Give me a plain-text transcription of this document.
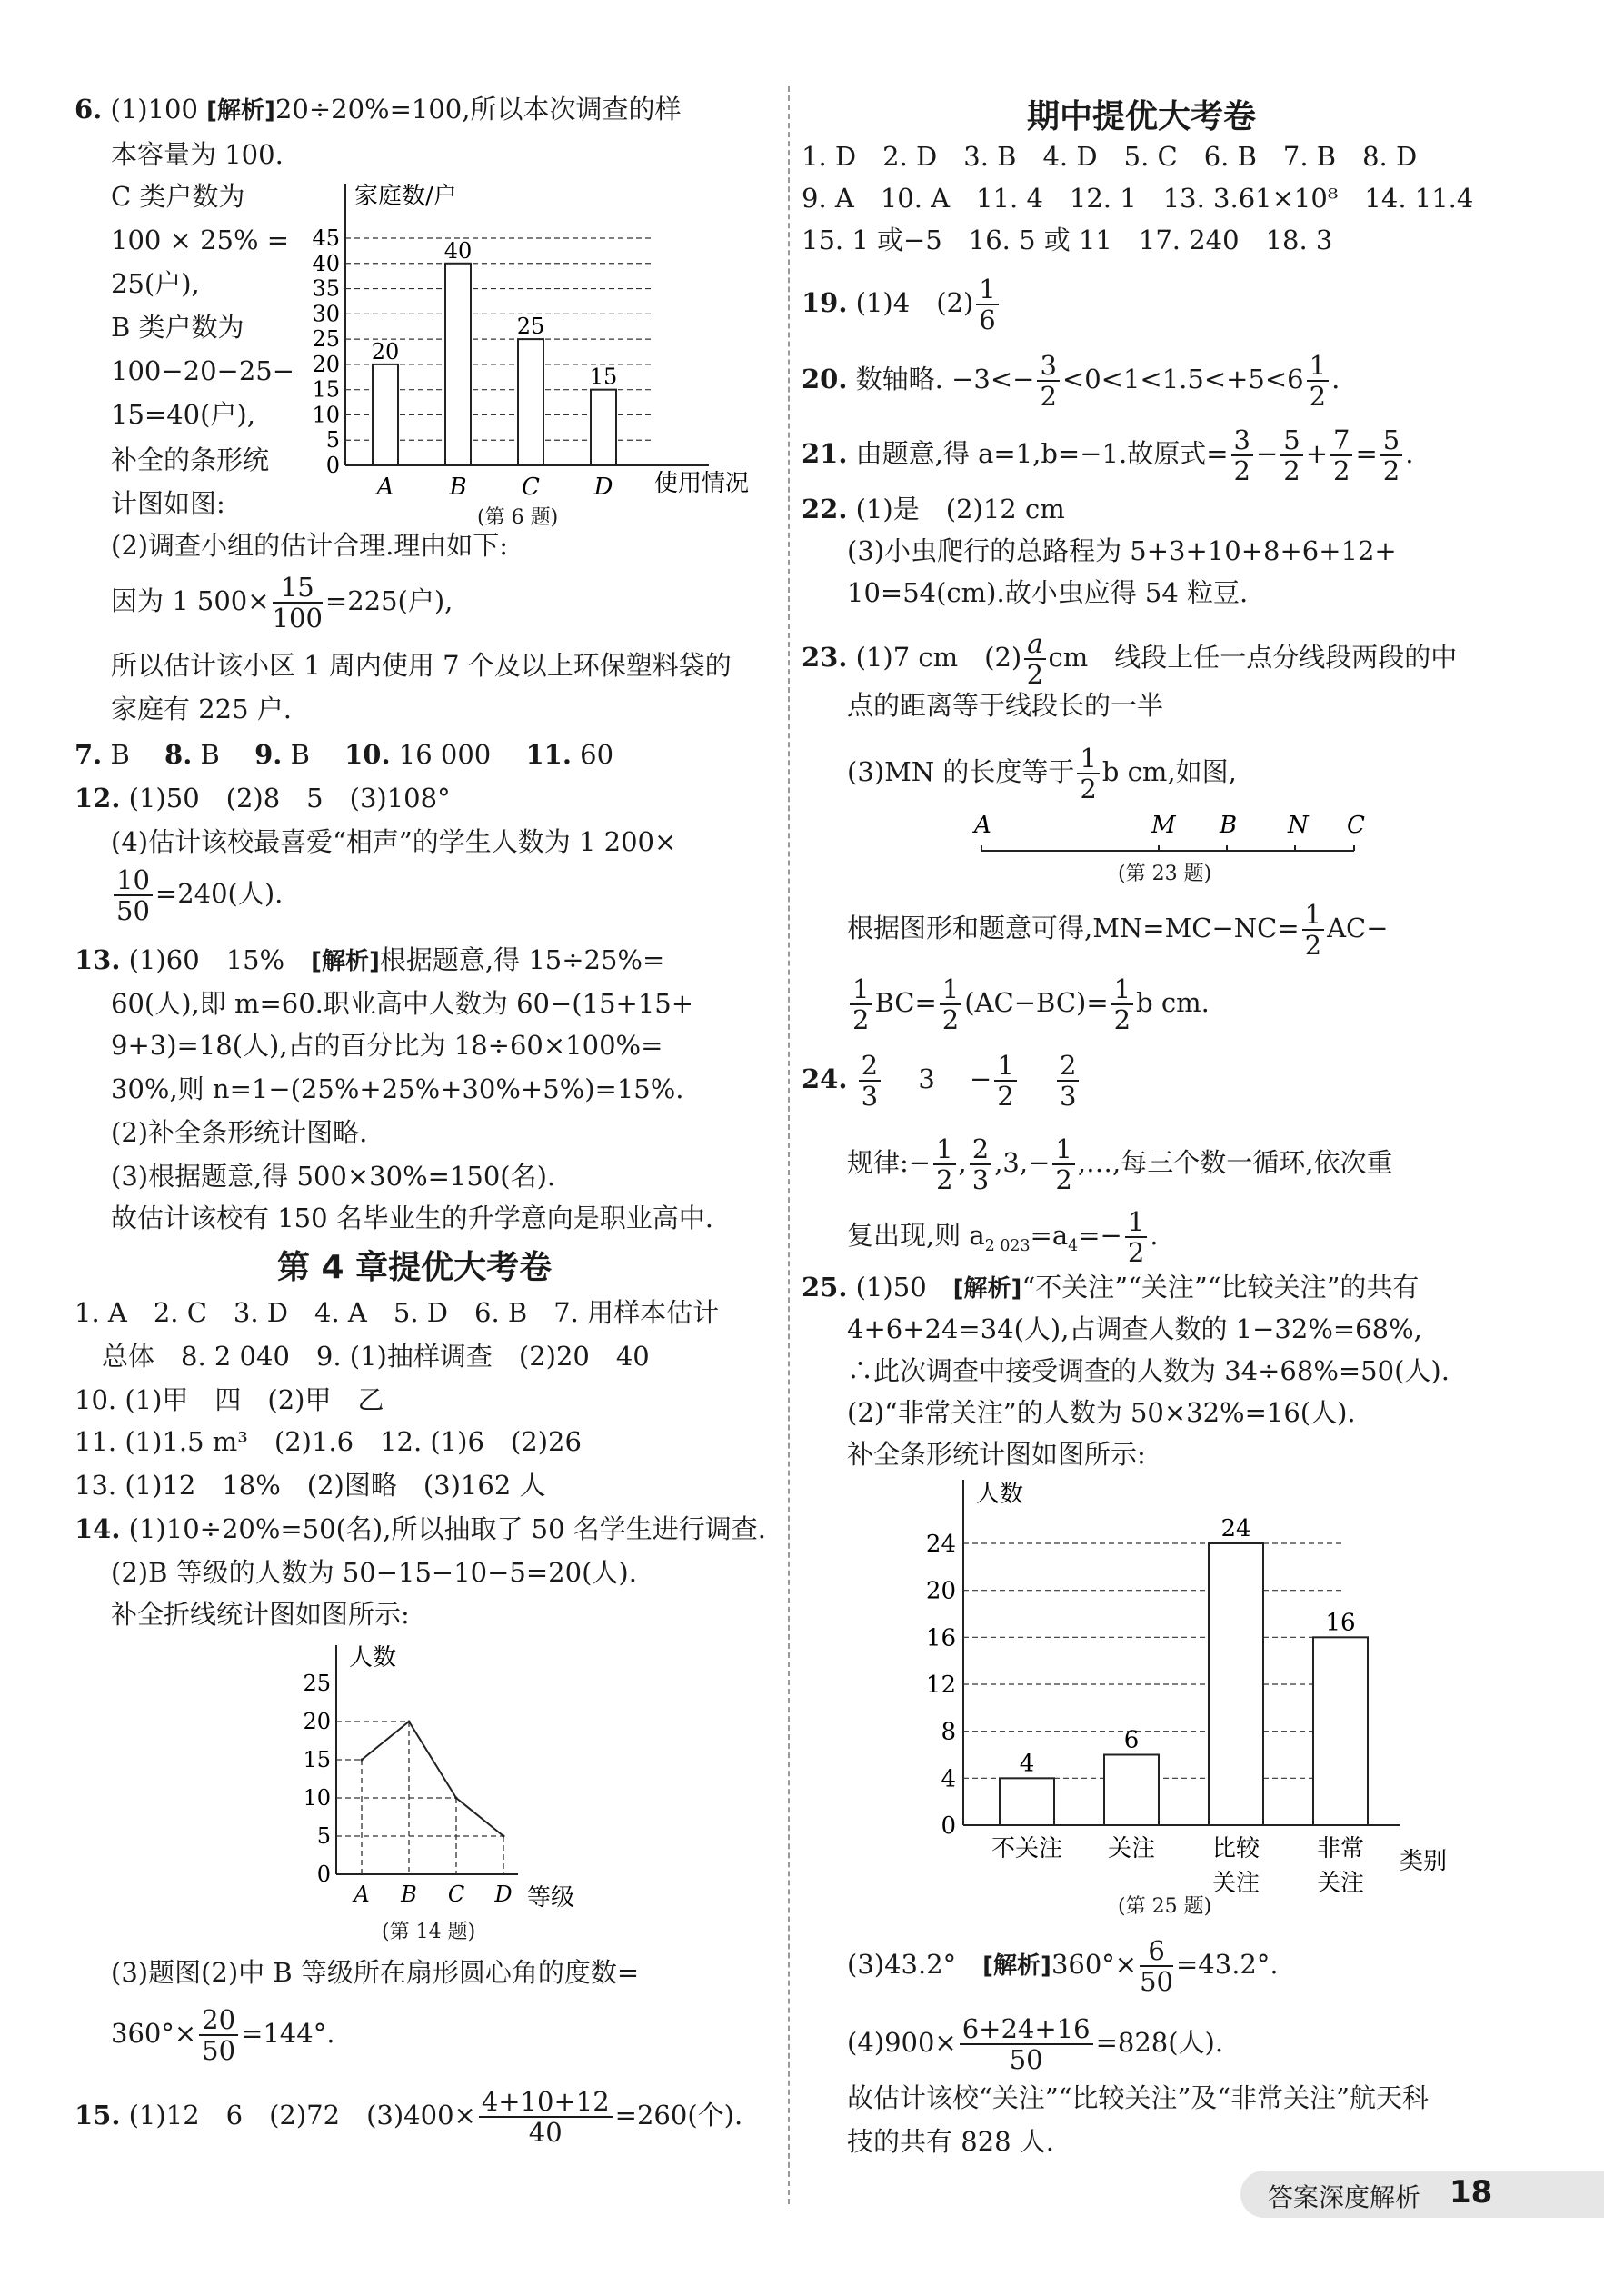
6. (1)100 [解析]20÷20%=100,所以本次调查的样
本容量为 100.
C 类户数为
100 × 25% =
25(户),
B 类户数为
100−20−25−
15=40(户),
补全的条形统
计图如图:
家庭数/户
使用情况
0
5
10
15
20
25
30
35
40
45
20
A
40
B
25
C
15
D
(第 6 题)
(2)调查小组的估计合理.理由如下:
因为 1 $500\times \frac{15}{100} =225$(户),
所以估计该小区 1 周内使用 7 个及以上环保塑料袋的
家庭有 225 户.
7. B　 8. B　 9. B　 10. 16 000　 11. 60
12. (1)50　(2)8　5　(3)108°
(4)估计该校最喜爱“相声”的学生人数为 1 200×
$\frac{10}{50} =240$(人).
13. (1)60　15%　[解析]根据题意,得 15÷25%=
60(人),即 m=60.职业高中人数为 60−(15+15+
9+3)=18(人),占的百分比为 18÷60×100%=
30%,则 n=1−(25%+25%+30%+5%)=15%.
(2)补全条形统计图略.
(3)根据题意,得 500×30%=150(名).
故估计该校有 150 名毕业生的升学意向是职业高中.
第 4 章提优大考卷
1. A　2. C　3. D　4. A　5. D　6. B　7. 用样本估计
总体　8. 2 040　9. (1)抽样调查　(2)20　40
10. (1)甲　四　(2)甲　乙
11. (1)1.5 m³　(2)1.6　12. (1)6　(2)26
13. (1)12　18%　(2)图略　(3)162 人
14. (1)10÷20%=50(名),所以抽取了 50 名学生进行调查.
(2)B 等级的人数为 50−15−10−5=20(人).
补全折线统计图如图所示:
人数
等级
0
5
10
15
20
25
A B C D
(第 14 题)
(3)题图(2)中 B 等级所在扇形圆心角的度数=
$360^\circ\times \frac{20}{50} =144^\circ$.
15. (1)12　6　(2)72　$(3)400\times \frac{4+10+12}{40} =260$(个).
期中提优大考卷
1. D　2. D　3. B　4. D　5. C　6. B　7. B　8. D
9. A　10. A　11. 4　12. 1　13. 3.61×10⁸　14. 11.4
15. 1 或−5　16. 5 或 11　17. 240　18. 3
19. (1)4　$(2) \frac{1}{6}$
20. 数轴略. $-3<- \frac{3}{2} <0<1<1.5<+5<6 \frac{1}{2}$ .
21. 由题意,得 a=1,b=−1.故原式= $\frac{3}{2} - \frac{5}{2} + \frac{7}{2} = \frac{5}{2}$ .
22. (1)是　(2)12 cm
(3)小虫爬行的总路程为 5+3+10+8+6+12+
10=54(cm).故小虫应得 54 粒豆.
23. (1)7 cm　$(2) \frac{a}{2}$ cm　线段上任一点分线段两段的中
点的距离等于线段长的一半
(3)MN 的长度等于 $\frac{1}{2}$ b cm,如图,
A	M B N C
(第 23 题)
根据图形和题意可得$,MN=MC-NC= \frac{1}{2} AC-$
$\frac{1}{2} BC= \frac{1}{2} (AC-BC)= \frac{1}{2}$ b cm.
24. $\frac{2}{3}$
　 3　 − $\frac{1}{2}$
　 $\frac{2}{3}$
规律:− $\frac{1}{2}$ , $\frac{2}{3} ,3,- \frac{1}{2}$ ,…,每三个数一循环,依次重
复出现,则 $a_{2 023}=a_4=- \frac{1}{2}$ .
25. (1)50　[解析]“不关注”“关注”“比较关注”的共有
4+6+24=34(人),占调查人数的 1−32%=68%,
∴此次调查中接受调查的人数为 34÷68%=50(人).
(2)“非常关注”的人数为 50×32%=16(人).
补全条形统计图如图所示:
人数
类别
0
4
8
12
16
20
24
4
不关注
6
关注
24
比较
关注
16
非常
关注
(第 25 题)
(3)43.2°　[解析]$360^\circ\times \frac{6}{50} =43.2^\circ$.
$(4)900\times \frac{6+24+16}{50} =828$(人).
故估计该校“关注”“比较关注”及“非常关注”航天科
技的共有 828 人.
答案深度解析 18
